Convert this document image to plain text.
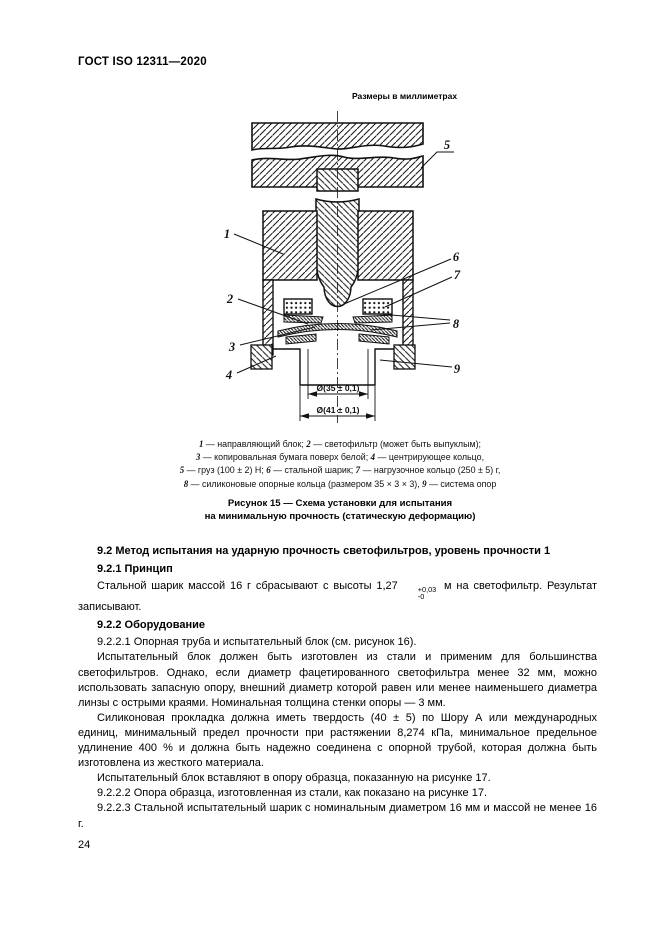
ГОСТ ISO 12311—2020
Размеры в миллиметрах
Ø(35 ± 0,1)
Ø(41 ± 0,1)
1
2
3
4
5
6
7
8
9
1 — направляющий блок; 2 — светофильтр (может быть выпуклым);
3 — копировальная бумага поверх белой; 4 — центрирующее кольцо,
5 — груз (100 ± 2) Н; 6 — стальной шарик; 7 — нагрузочное кольцо (250 ± 5) г,
8 — силиконовые опорные кольца (размером 35 × 3 × 3), 9 — система опор
Рисунок 15 — Схема установки для испытания
на минимальную прочность (статическую деформацию)
9.2 Метод испытания на ударную прочность светофильтров, уровень прочности 1
9.2.1 Принцип
Стальной шарик массой 16 г сбрасывают с высоты 1,27	+0,03
-0
м на светофильтр. Результат записывают.
9.2.2 Оборудование
9.2.2.1 Опорная труба и испытательный блок (см. рисунок 16).
Испытательный блок должен быть изготовлен из стали и применим для большинства светофильтров. Однако, если диаметр фацетированного светофильтра менее 32 мм, можно использовать запасную опору, внешний диаметр которой равен или менее наименьшего диаметра линзы с острыми краями. Номинальная толщина стенки опоры — 3 мм.
Силиконовая прокладка должна иметь твердость (40 ± 5) по Шору А или международных единиц, минимальный предел прочности при растяжении 8,274 кПа, минимальное предельное удлинение 400 % и должна быть надежно соединена с опорной трубой, которая должна быть изготовлена из жесткого материала.
Испытательный блок вставляют в опору образца, показанную на рисунке 17.
9.2.2.2 Опора образца, изготовленная из стали, как показано на рисунке 17.
9.2.2.3 Стальной испытательный шарик с номинальным диаметром 16 мм и массой не менее 16 г.
24
